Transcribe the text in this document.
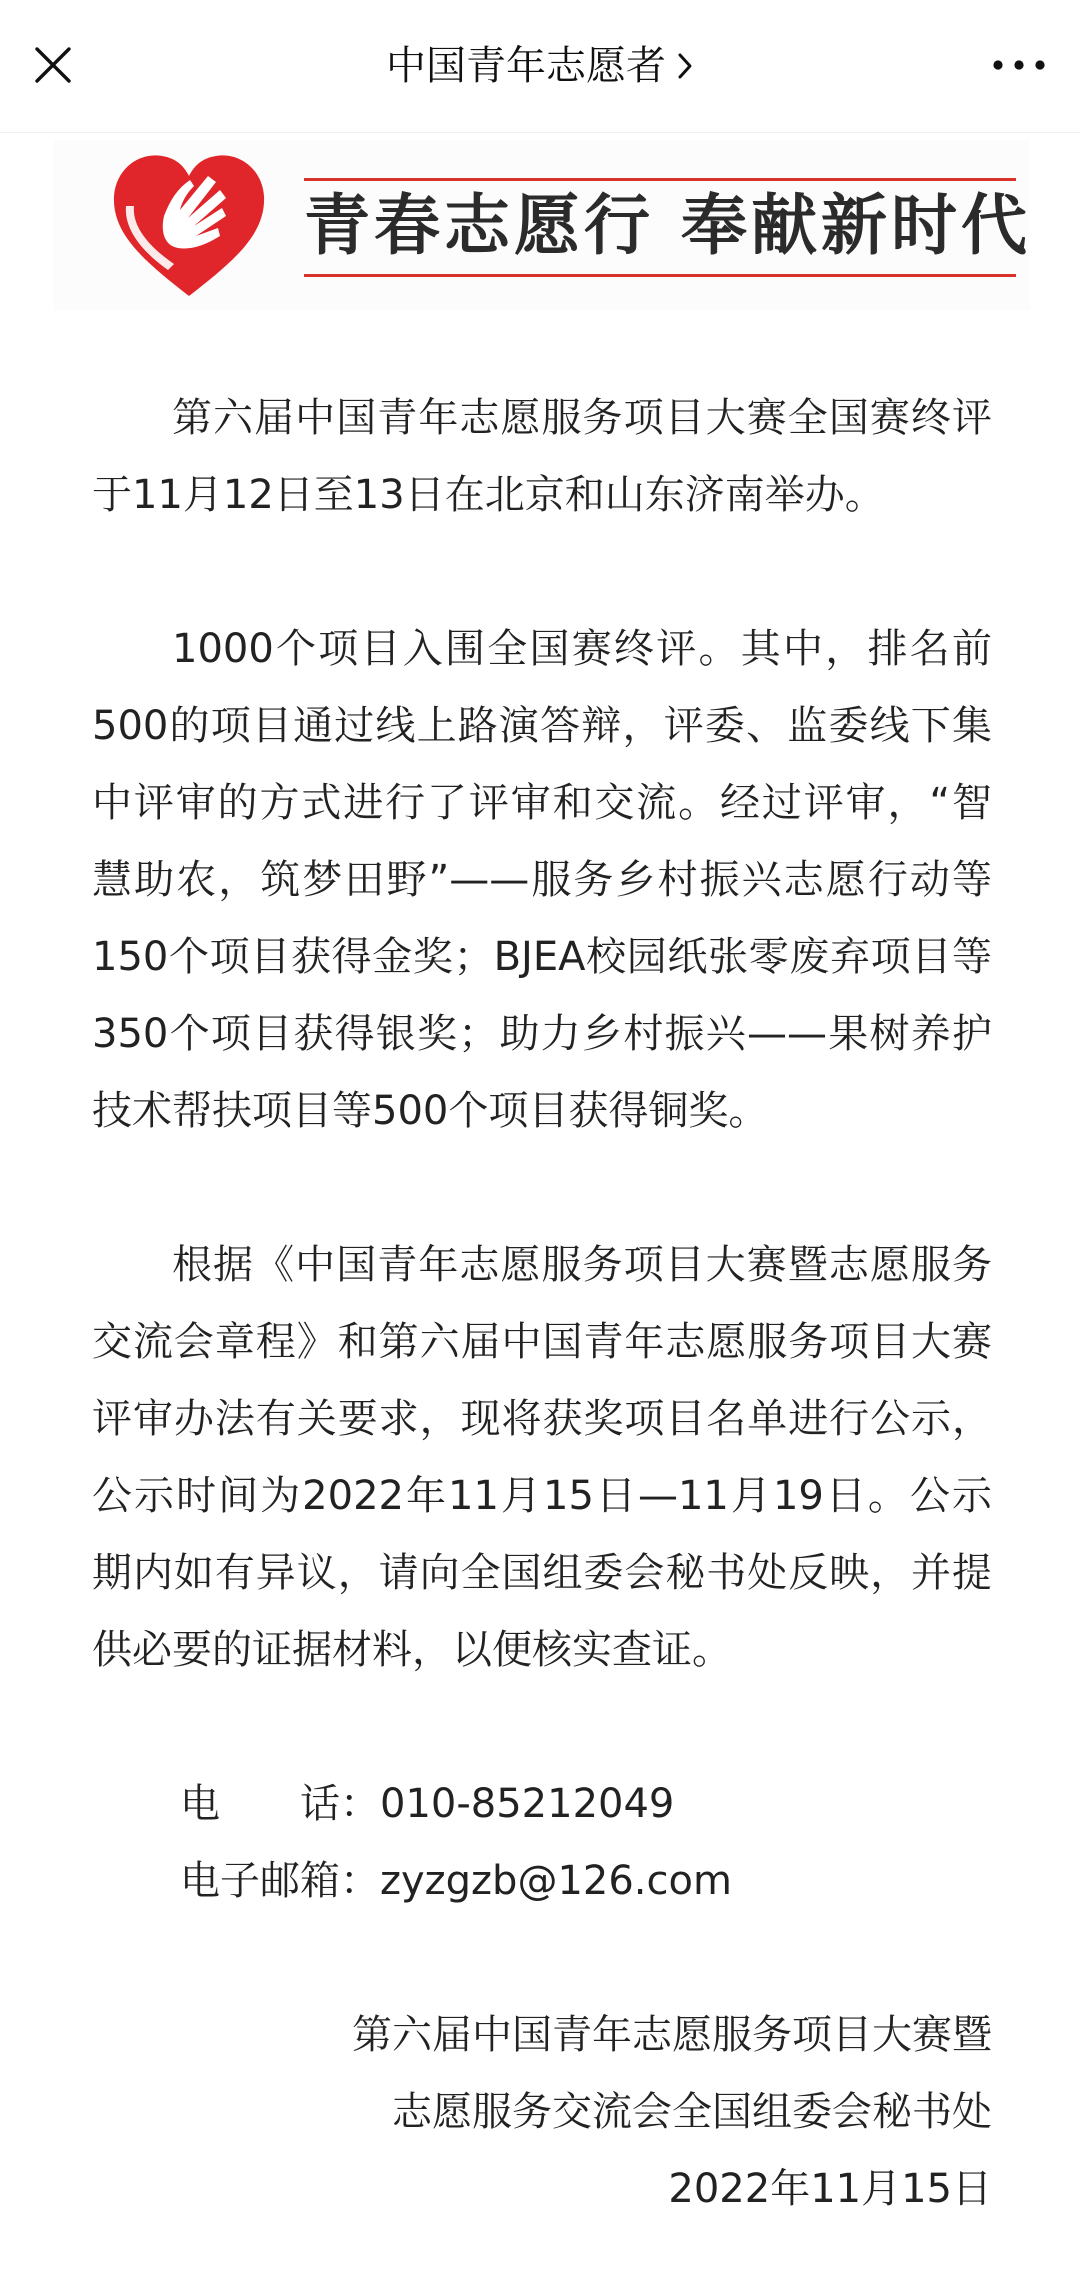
中国青年志愿者
青春志愿行 奉献新时代

第六届中国青年志愿服务项目大赛全国赛终评于11月12日至13日在北京和山东济南举办。

1000个项目入围全国赛终评。其中，排名前500的项目通过线上路演答辩，评委、监委线下集中评审的方式进行了评审和交流。经过评审，“智慧助农，筑梦田野”——服务乡村振兴志愿行动等150个项目获得金奖；BJEA校园纸张零废弃项目等350个项目获得银奖；助力乡村振兴——果树养护技术帮扶项目等500个项目获得铜奖。

根据《中国青年志愿服务项目大赛暨志愿服务交流会章程》和第六届中国青年志愿服务项目大赛评审办法有关要求，现将获奖项目名单进行公示，公示时间为2022年11月15日—11月19日。公示期内如有异议，请向全国组委会秘书处反映，并提供必要的证据材料，以便核实查证。

电　　话：010-85212049

电子邮箱：zyzgzb@126.com

第六届中国青年志愿服务项目大赛暨

志愿服务交流会全国组委会秘书处

2022年11月15日
